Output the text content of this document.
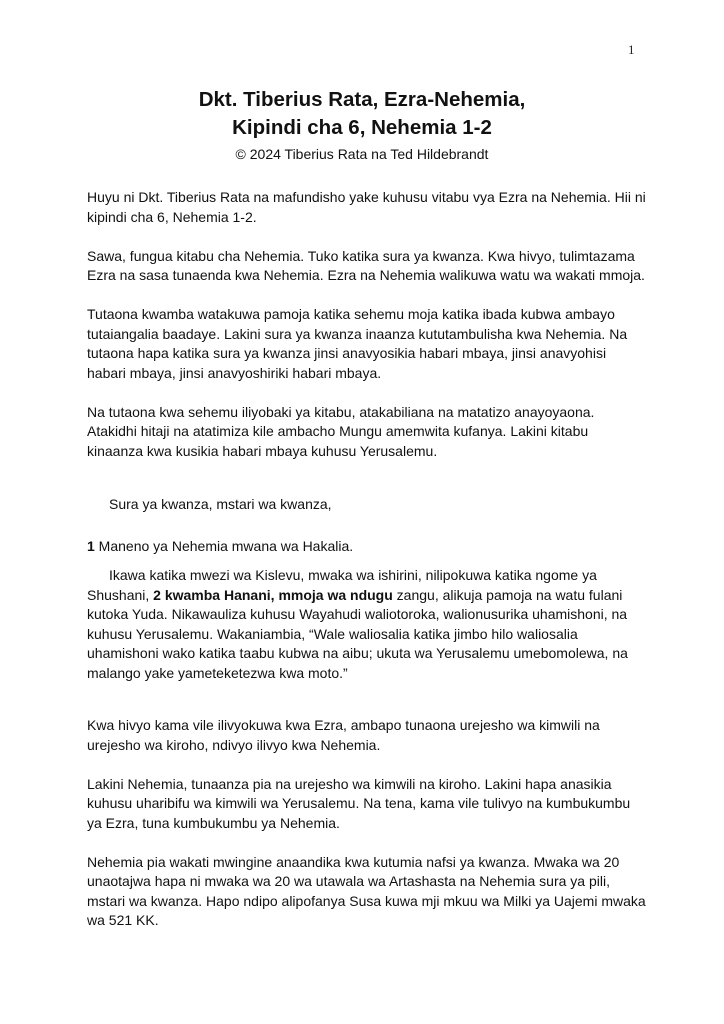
1
Dkt. Tiberius Rata, Ezra-Nehemia,
Kipindi cha 6, Nehemia 1-2
© 2024 Tiberius Rata na Ted Hildebrandt

Huyu ni Dkt. Tiberius Rata na mafundisho yake kuhusu vitabu vya Ezra na Nehemia. Hii ni kipindi cha 6, Nehemia 1-2.

Sawa, fungua kitabu cha Nehemia. Tuko katika sura ya kwanza. Kwa hivyo, tulimtazama Ezra na sasa tunaenda kwa Nehemia. Ezra na Nehemia walikuwa watu wa wakati mmoja.

Tutaona kwamba watakuwa pamoja katika sehemu moja katika ibada kubwa ambayo tutaiangalia baadaye. Lakini sura ya kwanza inaanza kututambulisha kwa Nehemia. Na tutaona hapa katika sura ya kwanza jinsi anavyosikia habari mbaya, jinsi anavyohisi habari mbaya, jinsi anavyoshiriki habari mbaya.

Na tutaona kwa sehemu iliyobaki ya kitabu, atakabiliana na matatizo anayoyaona. Atakidhi hitaji na atatimiza kile ambacho Mungu amemwita kufanya. Lakini kitabu kinaanza kwa kusikia habari mbaya kuhusu Yerusalemu.

Sura ya kwanza, mstari wa kwanza,

1 Maneno ya Nehemia mwana wa Hakalia.

Ikawa katika mwezi wa Kislevu, mwaka wa ishirini, nilipokuwa katika ngome ya Shushani, 2 kwamba Hanani, mmoja wa ndugu zangu, alikuja pamoja na watu fulani kutoka Yuda. Nikawauliza kuhusu Wayahudi waliotoroka, walionusurika uhamishoni, na kuhusu Yerusalemu. Wakaniambia, “Wale waliosalia katika jimbo hilo waliosalia uhamishoni wako katika taabu kubwa na aibu; ukuta wa Yerusalemu umebomolewa, na malango yake yameteketezwa kwa moto.”

Kwa hivyo kama vile ilivyokuwa kwa Ezra, ambapo tunaona urejesho wa kimwili na urejesho wa kiroho, ndivyo ilivyo kwa Nehemia.

Lakini Nehemia, tunaanza pia na urejesho wa kimwili na kiroho. Lakini hapa anasikia kuhusu uharibifu wa kimwili wa Yerusalemu. Na tena, kama vile tulivyo na kumbukumbu ya Ezra, tuna kumbukumbu ya Nehemia.

Nehemia pia wakati mwingine anaandika kwa kutumia nafsi ya kwanza. Mwaka wa 20 unaotajwa hapa ni mwaka wa 20 wa utawala wa Artashasta na Nehemia sura ya pili, mstari wa kwanza. Hapo ndipo alipofanya Susa kuwa mji mkuu wa Milki ya Uajemi mwaka wa 521 KK.
